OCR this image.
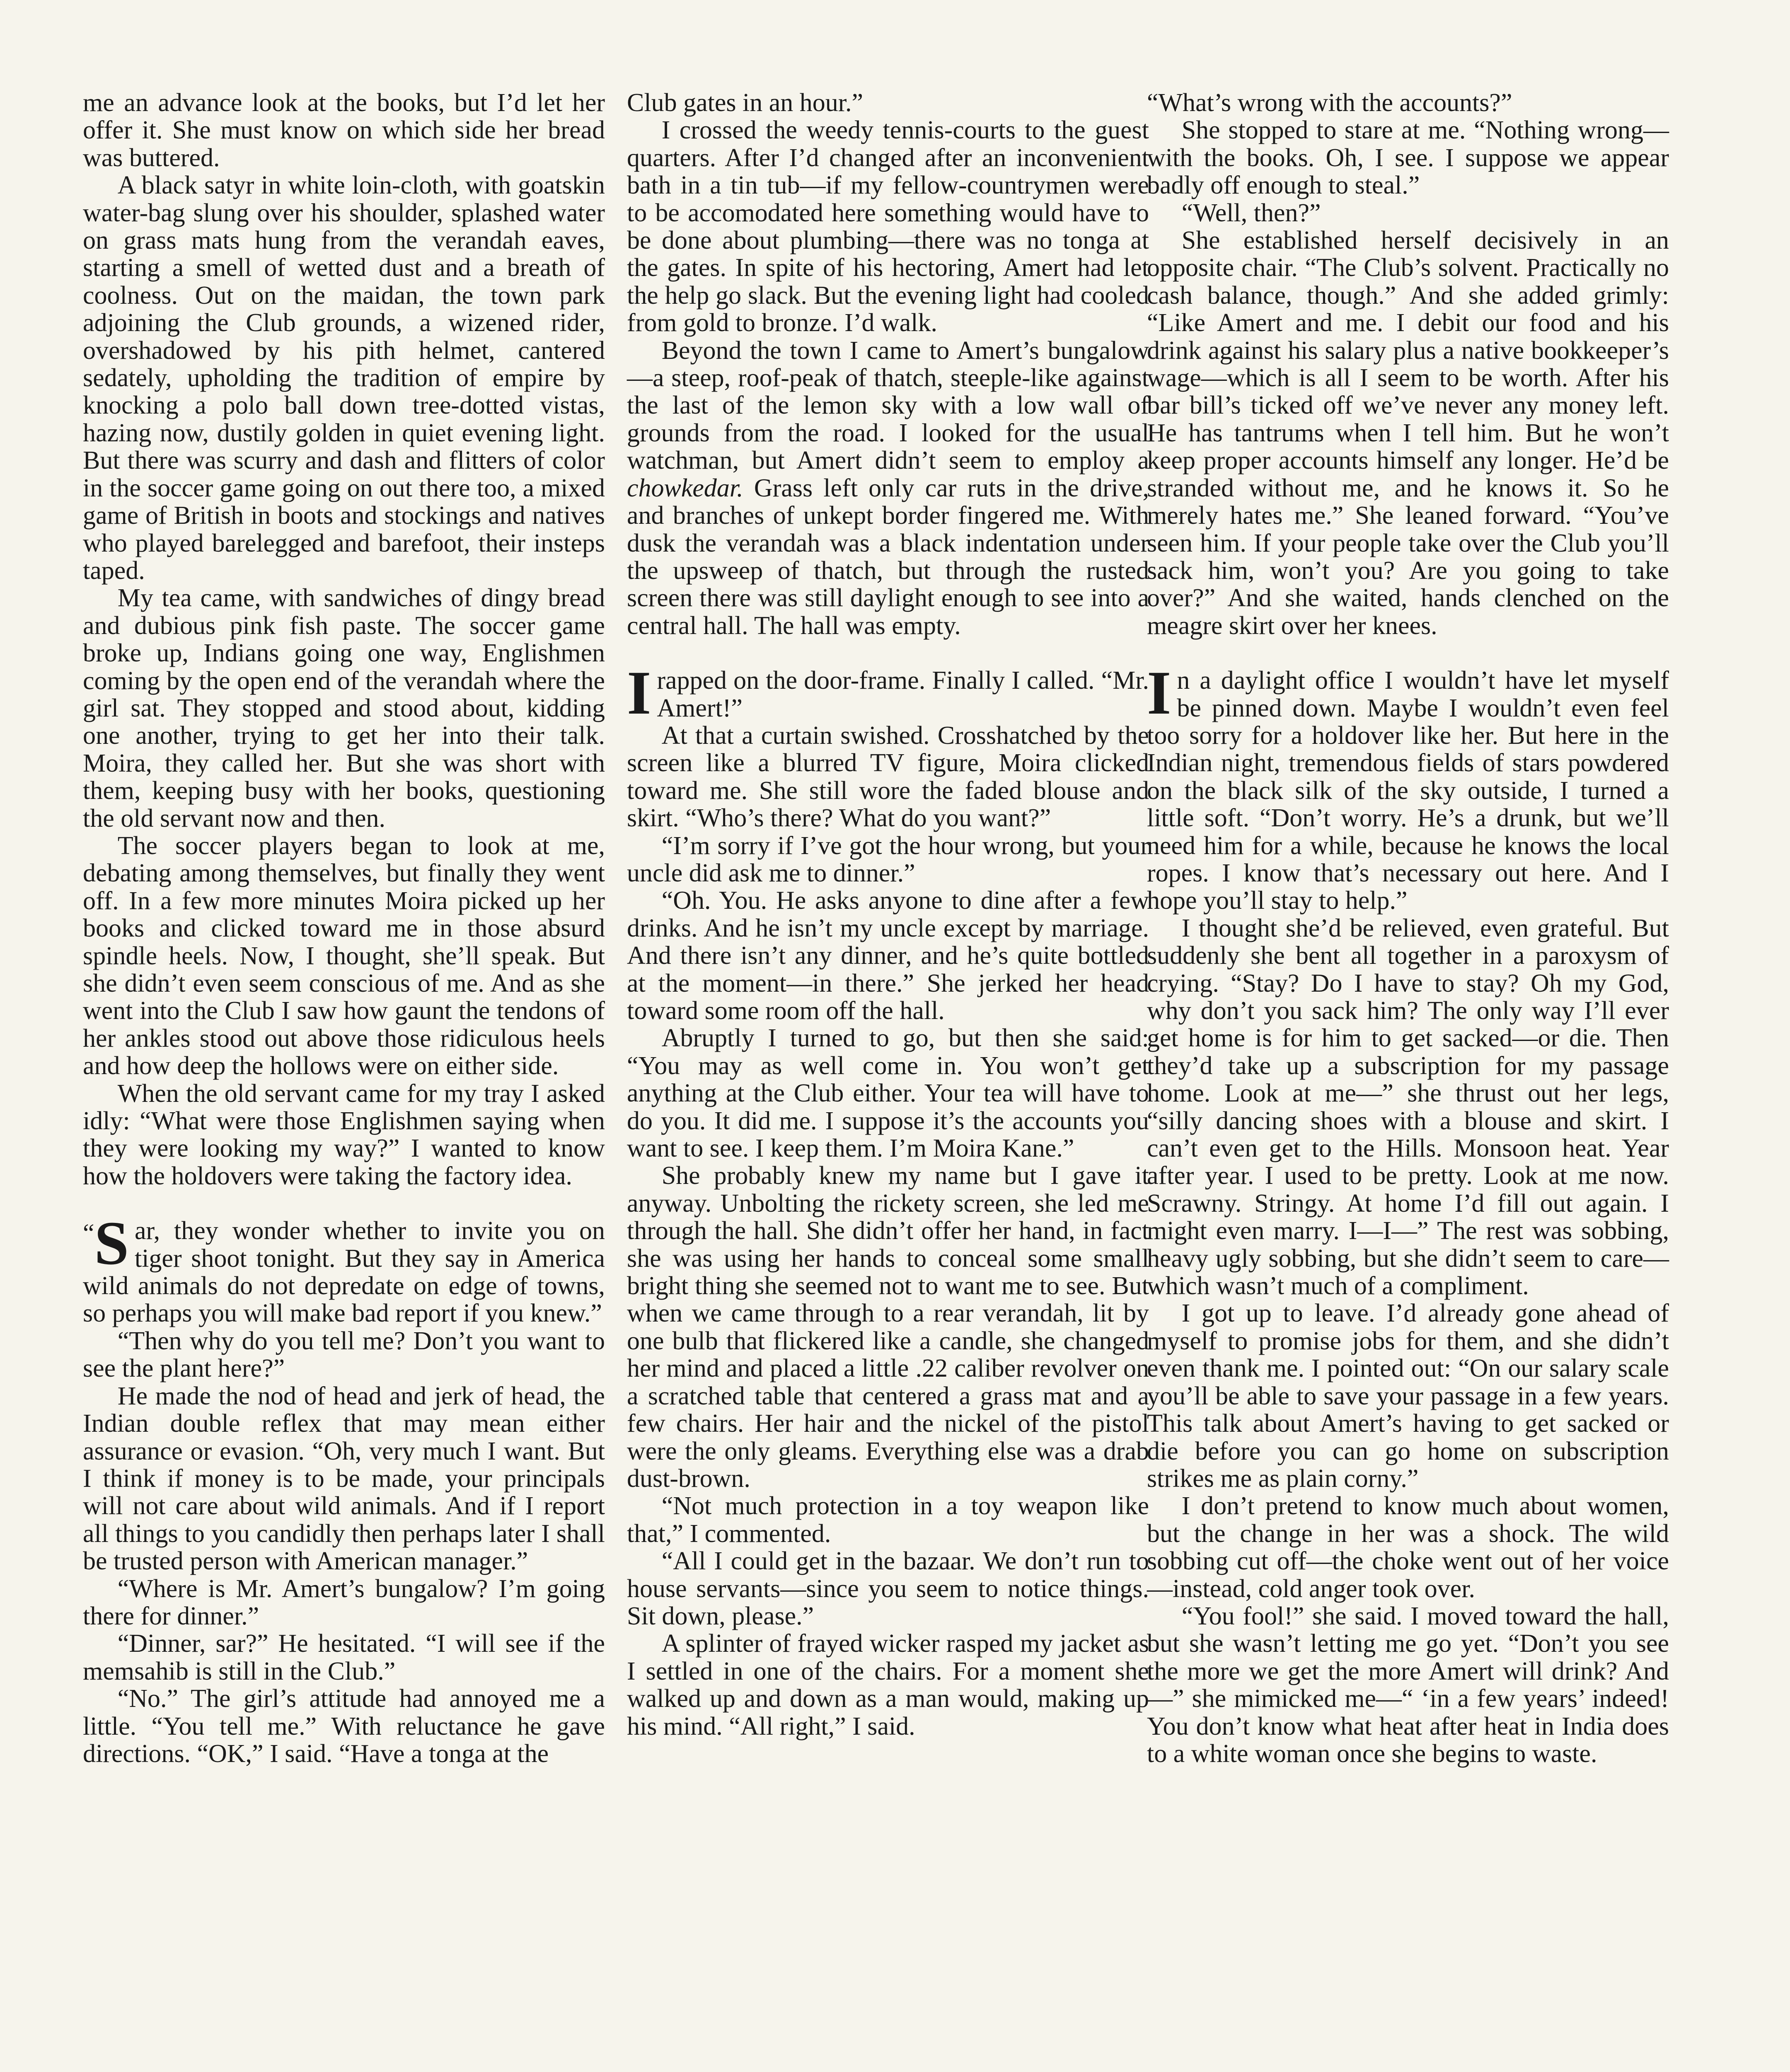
me an advance look at the books, but I’d let her offer it. She must know on which side her bread was buttered.

A black satyr in white loin-cloth, with goatskin water-bag slung over his shoulder, splashed water on grass mats hung from the verandah eaves, starting a smell of wetted dust and a breath of coolness. Out on the maidan, the town park adjoining the Club grounds, a wizened rider, overshadowed by his pith helmet, cantered sedately, upholding the tradition of empire by knocking a polo ball down tree-dotted vistas, hazing now, dustily golden in quiet evening light. But there was scurry and dash and flitters of color in the soccer game going on out there too, a mixed game of British in boots and stockings and natives who played barelegged and barefoot, their insteps taped.

My tea came, with sandwiches of dingy bread and dubious pink fish paste. The soccer game broke up, Indians going one way, Englishmen coming by the open end of the verandah where the girl sat. They stopped and stood about, kidding one another, trying to get her into their talk. Moira, they called her. But she was short with them, keeping busy with her books, questioning the old servant now and then.

The soccer players began to look at me, debating among themselves, but finally they went off. In a few more minutes Moira picked up her books and clicked toward me in those absurd spindle heels. Now, I thought, she’ll speak. But she didn’t even seem conscious of me. And as she went into the Club I saw how gaunt the tendons of her ankles stood out above those ridiculous heels and how deep the hollows were on either side.

When the old servant came for my tray I asked idly: “What were those Englishmen saying when they were looking my way?” I wanted to know how the holdovers were taking the factory idea.

“ S ar, they wonder whether to invite you on tiger shoot tonight. But they say in America wild animals do not depredate on edge of towns, so perhaps you will make bad report if you knew.”

“Then why do you tell me? Don’t you want to see the plant here?”

He made the nod of head and jerk of head, the Indian double reflex that may mean either assurance or evasion. “Oh, very much I want. But I think if money is to be made, your principals will not care about wild animals. And if I report all things to you candidly then perhaps later I shall be trusted person with American manager.”

“Where is Mr. Amert’s bungalow? I’m going there for dinner.”

“Dinner, sar?” He hesitated. “I will see if the memsahib is still in the Club.”

“No.” The girl’s attitude had annoyed me a little. “You tell me.” With reluctance he gave directions. “OK,” I said. “Have a tonga at the

Club gates in an hour.”

I crossed the weedy tennis-courts to the guest quarters. After I’d changed after an inconvenient bath in a tin tub—if my fellow-countrymen were to be accomodated here something would have to be done about plumbing—there was no tonga at the gates. In spite of his hectoring, Amert had let the help go slack. But the evening light had cooled from gold to bronze. I’d walk.

Beyond the town I came to Amert’s bungalow—a steep, roof-peak of thatch, steeple-like against the last of the lemon sky with a low wall of grounds from the road. I looked for the usual watchman, but Amert didn’t seem to employ a chowkedar. Grass left only car ruts in the drive, and branches of unkept border fingered me. With dusk the verandah was a black indentation under the upsweep of thatch, but through the rusted screen there was still daylight enough to see into a central hall. The hall was empty.

I rapped on the door-frame. Finally I called. “Mr. Amert!”

At that a curtain swished. Crosshatched by the screen like a blurred TV figure, Moira clicked toward me. She still wore the faded blouse and skirt. “Who’s there? What do you want?”

“I’m sorry if I’ve got the hour wrong, but your uncle did ask me to dinner.”

“Oh. You. He asks anyone to dine after a few drinks. And he isn’t my uncle except by marriage. And there isn’t any dinner, and he’s quite bottled at the moment—in there.” She jerked her head toward some room off the hall.

Abruptly I turned to go, but then she said: “You may as well come in. You won’t get anything at the Club either. Your tea will have to do you. It did me. I suppose it’s the accounts you want to see. I keep them. I’m Moira Kane.”

She probably knew my name but I gave it anyway. Unbolting the rickety screen, she led me through the hall. She didn’t offer her hand, in fact she was using her hands to conceal some small bright thing she seemed not to want me to see. But when we came through to a rear verandah, lit by one bulb that flickered like a candle, she changed her mind and placed a little .22 caliber revolver on a scratched table that centered a grass mat and a few chairs. Her hair and the nickel of the pistol were the only gleams. Everything else was a drab dust-brown.

“Not much protection in a toy weapon like that,” I commented.

“All I could get in the bazaar. We don’t run to house servants—since you seem to notice things. Sit down, please.”

A splinter of frayed wicker rasped my jacket as I settled in one of the chairs. For a moment she walked up and down as a man would, making up his mind. “All right,” I said.

“What’s wrong with the accounts?”

She stopped to stare at me. “Nothing wrong—with the books. Oh, I see. I suppose we appear badly off enough to steal.”

“Well, then?”

She established herself decisively in an opposite chair. “The Club’s solvent. Practically no cash balance, though.” And she added grimly: “Like Amert and me. I debit our food and his drink against his salary plus a native bookkeeper’s wage—which is all I seem to be worth. After his bar bill’s ticked off we’ve never any money left. He has tantrums when I tell him. But he won’t keep proper accounts himself any longer. He’d be stranded without me, and he knows it. So he merely hates me.” She leaned forward. “You’ve seen him. If your people take over the Club you’ll sack him, won’t you? Are you going to take over?” And she waited, hands clenched on the meagre skirt over her knees.

In a daylight office I wouldn’t have let myself be pinned down. Maybe I wouldn’t even feel too sorry for a holdover like her. But here in the Indian night, tremendous fields of stars powdered on the black silk of the sky outside, I turned a little soft. “Don’t worry. He’s a drunk, but we’ll need him for a while, because he knows the local ropes. I know that’s necessary out here. And I hope you’ll stay to help.”

I thought she’d be relieved, even grateful. But suddenly she bent all together in a paroxysm of crying. “Stay? Do I have to stay? Oh my God, why don’t you sack him? The only way I’ll ever get home is for him to get sacked—or die. Then they’d take up a subscription for my passage home. Look at me—” she thrust out her legs, “silly dancing shoes with a blouse and skirt. I can’t even get to the Hills. Monsoon heat. Year after year. I used to be pretty. Look at me now. Scrawny. Stringy. At home I’d fill out again. I might even marry. I—I—” The rest was sobbing, heavy ugly sobbing, but she didn’t seem to care—which wasn’t much of a compliment.

I got up to leave. I’d already gone ahead of myself to promise jobs for them, and she didn’t even thank me. I pointed out: “On our salary scale you’ll be able to save your passage in a few years. This talk about Amert’s having to get sacked or die before you can go home on subscription strikes me as plain corny.”

I don’t pretend to know much about women, but the change in her was a shock. The wild sobbing cut off—the choke went out of her voice—instead, cold anger took over.

“You fool!” she said. I moved toward the hall, but she wasn’t letting me go yet. “Don’t you see the more we get the more Amert will drink? And—” she mimicked me—“ ‘in a few years’ indeed! You don’t know what heat after heat in India does to a white woman once she begins to waste.
